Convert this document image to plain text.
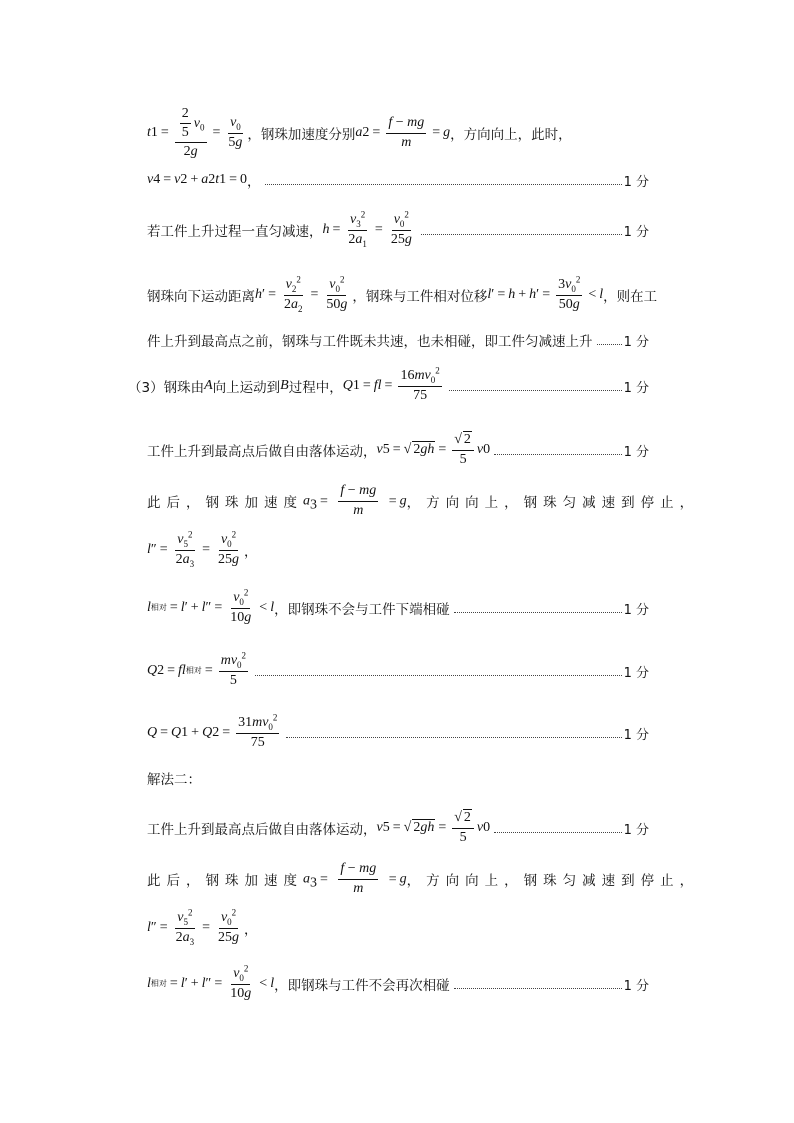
t $1 = \frac{\frac{2}{5} v_0}{2g} = \frac{v_0}{5g}$ ，钢珠加速度分别 a $2 = \frac{f - mg}{m} = g$ ，方向向上，此时，
v 4 = v 2 + a 2 t 1 = 0 ，	1 分
若工件上升过程一直匀减速， $h = \frac{v_3^2}{2a_1} = \frac{v_0^2}{25g}$	1 分
钢珠向下运动距离 h ′ = $\frac{v_2^2}{2a_2} = \frac{v_0^2}{50g}$ ，钢珠与工件相对位移 l ′ = h + h ′ = $\frac{3v_0^2}{50g} < l$ ，则在工
件上升到最高点之前，钢珠与工件既未共速，也未相碰，即工件匀减速上升 1 分
（3）钢珠由 A 向上运动到 B 过程中， Q 1 = fl = $\frac{16mv_0^2}{75}$	1 分
工件上升到最高点后做自由落体运动， v 5 = √ $2gh = \frac{√ 2}{5}$ v 0	1 分
此后，钢珠加速度 $a_3 = \frac{f - mg}{m} = g$ ，方向向上，钢珠匀减速到停止，
l ″ = $\frac{v_5^2}{2a_3} = \frac{v_0^2}{25g}$ ，
l 相对 = l ′ + l ″ = $\frac{v_0^2}{10g} < l$ ，即钢珠不会与工件下端相碰	1 分
Q 2 = fl 相对 = $\frac{mv_0^2}{5}$	1 分
Q = Q 1 + Q $2 = \frac{31mv_0^2}{75}$	1 分
解法二：
工件上升到最高点后做自由落体运动， v 5 = √ $2gh = \frac{√ 2}{5}$ v 0	1 分
此后，钢珠加速度 $a_3 = \frac{f - mg}{m} = g$ ，方向向上，钢珠匀减速到停止，
l ″ = $\frac{v_5^2}{2a_3} = \frac{v_0^2}{25g}$ ，
l 相对 = l ′ + l ″ = $\frac{v_0^2}{10g} < l$ ，即钢珠与工件不会再次相碰	1 分
